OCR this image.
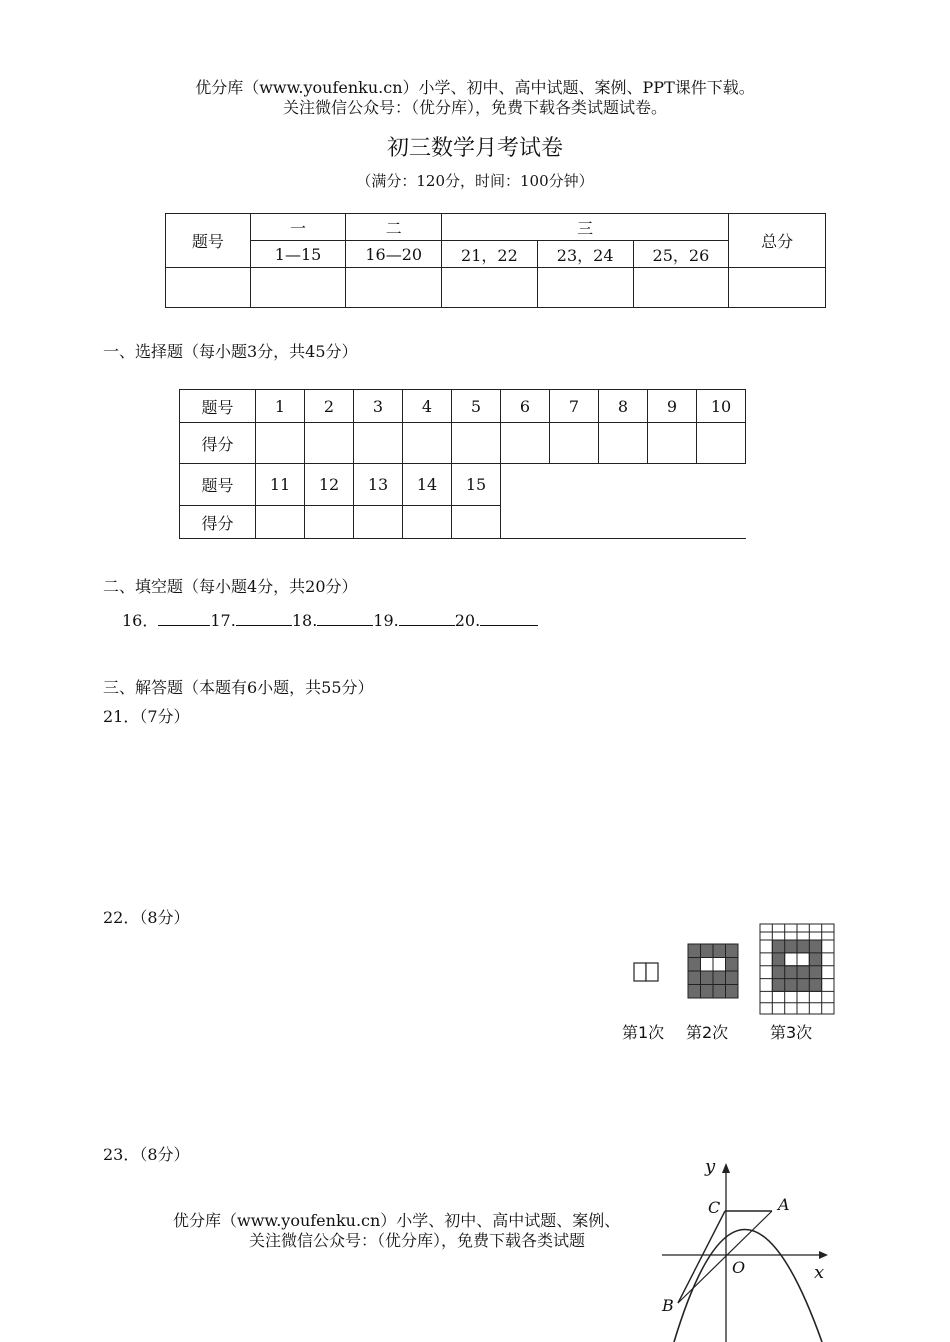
优分库（www.youfenku.cn）小学、初中、高中试题、案例、PPT课件下载。
关注微信公众号：（优分库），免费下载各类试题试卷。
初三数学月考试卷
（满分：120分，时间：100分钟）
题号	一	二	三			总分
	1—15	16—20	21，22	23，24	25，26	

一、选择题（每小题3分，共45分）
题号	1	2	3	4	5	6	7	8	9	10
得分										
题号	11	12	13	14	15					
得分										
二、填空题（每小题4分，共20分）
16．	17.	18.	19.	20.
三、解答题（本题有6小题，共55分）
21．（7分）
22．（8分）
23．（8分）
第1次 第2次	第3次
y
x
C	A
O
B
优分库（www.youfenku.cn）小学、初中、高中试题、案例、
关注微信公众号：（优分库），免费下载各类试题
